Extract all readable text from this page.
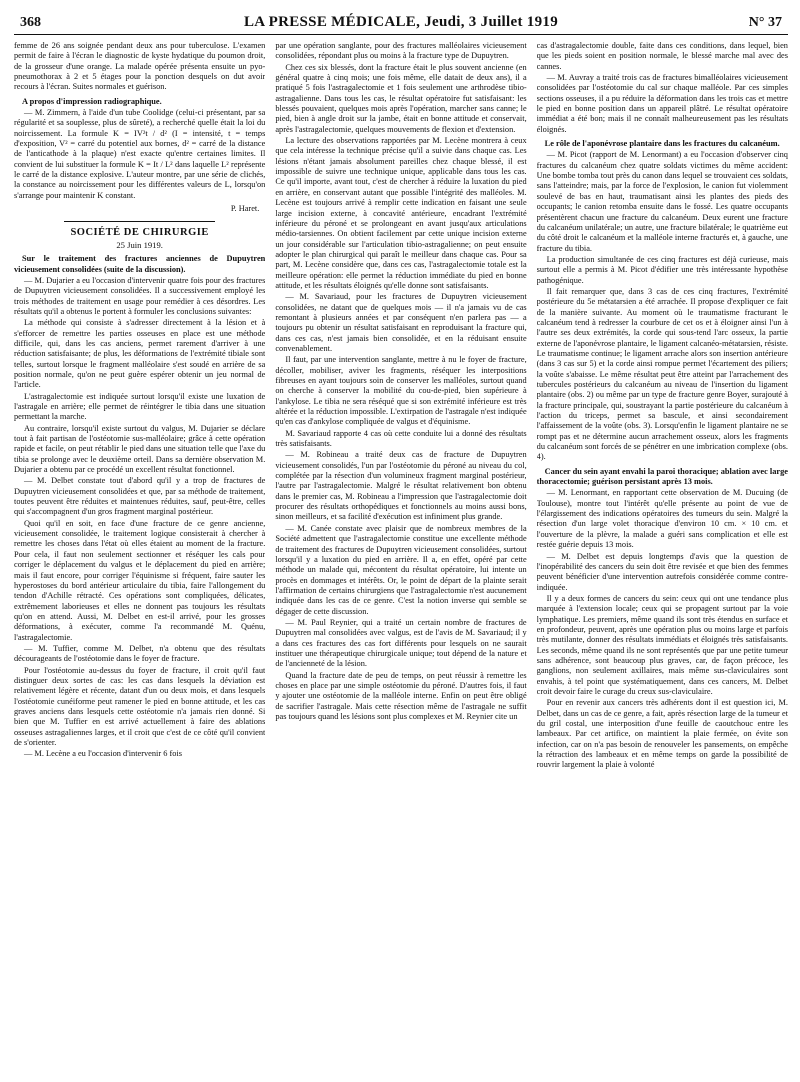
368	LA PRESSE MÉDICALE, Jeudi, 3 Juillet 1919	N° 37

femme de 26 ans soignée pendant deux ans pour tuberculose. L'examen permit de faire à l'écran le diagnostic de kyste hydatique du poumon droit, de la grosseur d'une orange. La malade opérée présenta ensuite un pyo-pneumothorax à 2 et 5 étages pour la ponction desquels on dut avoir recours à l'écran. Suites normales et guérison.

A propos d'impression radiographique.

— M. Zimmern, à l'aide d'un tube Coolidge (celui-ci présentant, par sa régularité et sa souplesse, plus de sûreté), a recherché quelle était la loi du noircissement. La formule K = IV²t / d² (I = intensité, t = temps d'exposition, V² = carré du potentiel aux bornes, d² = carré de la distance de l'anticathode à la plaque) n'est exacte qu'entre certaines limites. Il convient de lui substituer la formule K = It / L² dans laquelle L² représente le carré de la distance explosive. L'auteur montre, par une série de clichés, la constance au noircissement pour les différentes valeurs de L, lorsqu'on s'arrange pour maintenir K constant.

P. Haret.

SOCIÉTÉ DE CHIRURGIE
25 Juin 1919.

Sur le traitement des fractures anciennes de Dupuytren vicieusement consolidées (suite de la discussion).

— M. Dujarier a eu l'occasion d'intervenir quatre fois pour des fractures de Dupuytren vicieusement consolidées. Il a successivement employé les trois méthodes de traitement en usage pour remédier à ces désordres. Les résultats qu'il a obtenus le portent à formuler les conclusions suivantes:

La méthode qui consiste à s'adresser directement à la lésion et à s'efforcer de remettre les parties osseuses en place est une méthode difficile, qui, dans les cas anciens, permet rarement d'arriver à une réduction satisfaisante; de plus, les déformations de l'extrémité tibiale sont telles, surtout lorsque le fragment malléolaire s'est soudé en arrière de sa position normale, qu'on ne peut guère espérer obtenir un jeu normal de l'article.

L'astragalectomie est indiquée surtout lorsqu'il existe une luxation de l'astragale en arrière; elle permet de réintégrer le tibia dans une situation permettant la marche.

Au contraire, lorsqu'il existe surtout du valgus, M. Dujarier se déclare tout à fait partisan de l'ostéotomie sus-malléolaire; grâce à cette opération rapide et facile, on peut rétablir le pied dans une situation telle que l'axe du tibia se prolonge avec le deuxième orteil. Dans sa dernière observation M. Dujarier a obtenu par ce procédé un excellent résultat fonctionnel.

— M. Delbet constate tout d'abord qu'il y a trop de fractures de Dupuytren vicieusement consolidées et que, par sa méthode de traitement, toutes peuvent être réduites et maintenues réduites, sauf, peut-être, celles qui s'accompagnent d'un gros fragment marginal postérieur.

Quoi qu'il en soit, en face d'une fracture de ce genre ancienne, vicieusement consolidée, le traitement logique consisterait à chercher à remettre les choses dans l'état où elles étaient au moment de la fracture. Pour cela, il faut non seulement sectionner et réséquer les cals pour corriger le déplacement du valgus et le déplacement du pied en arrière; mais il faut encore, pour corriger l'équinisme si fréquent, faire sauter les hyperostoses du bord antérieur articulaire du tibia, faire l'allongement du tendon d'Achille rétracté. Ces opérations sont compliquées, délicates, extrêmement laborieuses et elles ne donnent pas toujours les résultats qu'on en attend. Aussi, M. Delbet en est-il arrivé, pour les grosses déformations, à exécuter, comme l'a recommandé M. Quénu, l'astragalectomie.

— M. Tuffier, comme M. Delbet, n'a obtenu que des résultats décourageants de l'ostéotomie dans le foyer de fracture.

Pour l'ostéotomie au-dessus du foyer de fracture, il croit qu'il faut distinguer deux sortes de cas: les cas dans lesquels la déviation est relativement légère et récente, datant d'un ou deux mois, et dans lesquels l'ostéotomie cunéiforme peut ramener le pied en bonne attitude, et les cas graves anciens dans lesquels cette ostéotomie n'a jamais rien donné. Si bien que M. Tuffier en est arrivé actuellement à faire des ablations osseuses astragaliennes larges, et il croit que c'est de ce côté qu'il convient de s'orienter.

— M. Lecène a eu l'occasion d'intervenir 6 fois

par une opération sanglante, pour des fractures malléolaires vicieusement consolidées, répondant plus ou moins à la fracture type de Dupuytren.

Chez ces six blessés, dont la fracture était le plus souvent ancienne (en général quatre à cinq mois; une fois même, elle datait de deux ans), il a pratiqué 5 fois l'astragalectomie et 1 fois seulement une arthrodèse tibio-astragalienne. Dans tous les cas, le résultat opératoire fut satisfaisant: les blessés pouvaient, quelques mois après l'opération, marcher sans canne; le pied, bien à angle droit sur la jambe, était en bonne attitude et conservait, après l'astragalectomie, quelques mouvements de flexion et d'extension.

La lecture des observations rapportées par M. Lecène montrera à ceux que cela intéresse la technique précise qu'il a suivie dans chaque cas. Les lésions n'étant jamais absolument pareilles chez chaque blessé, il est impossible de suivre une technique unique, applicable dans tous les cas. Ce qu'il importe, avant tout, c'est de chercher à réduire la luxation du pied en arrière, en conservant autant que possible l'intégrité des malléoles. M. Lecène est toujours arrivé à remplir cette indication en faisant une seule large incision externe, à concavité antérieure, encadrant l'extrémité inférieure du péroné et se prolongeant en avant jusqu'aux articulations médio-tarsiennes. On obtient facilement par cette unique incision externe un jour considérable sur l'articulation tibio-astragalienne; on peut ensuite adopter le plan chirurgical qui paraît le meilleur dans chaque cas. Pour sa part, M. Lecène considère que, dans ces cas, l'astragalectomie totale est la meilleure opération: elle permet la réduction immédiate du pied en bonne attitude, et les résultats éloignés qu'elle donne sont satisfaisants.

— M. Savariaud, pour les fractures de Dupuytren vicieusement consolidées, ne datant que de quelques mois — il n'a jamais vu de cas remontant à plusieurs années et par conséquent n'en parlera pas — a toujours pu obtenir un résultat satisfaisant en reproduisant la fracture qui, dans ces cas, n'est jamais bien consolidée, et en la réduisant ensuite convenablement.

Il faut, par une intervention sanglante, mettre à nu le foyer de fracture, décoller, mobiliser, aviver les fragments, réséquer les interpositions fibreuses en ayant toujours soin de conserver les malléoles, surtout quand on cherche à conserver la mobilité du cou-de-pied, bien supérieure à l'ankylose. Le tibia ne sera réséqué que si son extrémité inférieure est très altérée et la réduction impossible. L'extirpation de l'astragale n'est indiquée qu'en cas d'ankylose compliquée de valgus et d'équinisme.

M. Savariaud rapporte 4 cas où cette conduite lui a donné des résultats très satisfaisants.

— M. Robineau a traité deux cas de fracture de Dupuytren vicieusement consolidés, l'un par l'ostéotomie du péroné au niveau du col, complétée par la résection d'un volumineux fragment marginal postérieur, l'autre par l'astragalectomie. Malgré le résultat relativement bon obtenu dans le premier cas, M. Robineau a l'impression que l'astragalectomie doit procurer des résultats orthopédiques et fonctionnels au moins aussi bons, sinon meilleurs, et sa facilité d'exécution est infiniment plus grande.

— M. Canée constate avec plaisir que de nombreux membres de la Société admettent que l'astragalectomie constitue une excellente méthode de traitement des fractures de Dupuytren vicieusement consolidées, surtout lorsqu'il y a luxation du pied en arrière. Il a, en effet, opéré par cette méthode un malade qui, mécontent du résultat opératoire, lui intente un procès en dommages et intérêts. Or, le point de départ de la plainte serait l'affirmation de certains chirurgiens que l'astragalectomie n'est aucunement indiquée dans les cas de ce genre. C'est la notion inverse qui semble se dégager de cette discussion.

— M. Paul Reynier, qui a traité un certain nombre de fractures de Dupuytren mal consolidées avec valgus, est de l'avis de M. Savariaud; il y a dans ces fractures des cas fort différents pour lesquels on ne saurait instituer une thérapeutique chirurgicale unique; tout dépend de la nature et de l'ancienneté de la lésion.

Quand la fracture date de peu de temps, on peut réussir à remettre les choses en place par une simple ostéotomie du péroné. D'autres fois, il faut y ajouter une ostéotomie de la malléole interne. Enfin on peut être obligé de sacrifier l'astragale. Mais cette résection même de l'astragale ne suffit pas toujours quand les lésions sont plus complexes et M. Reynier cite un

cas d'astragalectomie double, faite dans ces conditions, dans lequel, bien que les pieds soient en position normale, le blessé marche mal avec des cannes.

— M. Auvray a traité trois cas de fractures bimalléolaires vicieusement consolidées par l'ostéotomie du cal sur chaque malléole. Par ces simples sections osseuses, il a pu réduire la déformation dans les trois cas et mettre le pied en bonne position dans un appareil plâtré. Le résultat opératoire immédiat a été bon; mais il ne connaît malheureusement pas les résultats éloignés.

Le rôle de l'aponévrose plantaire dans les fractures du calcanéum.

— M. Picot (rapport de M. Lenormant) a eu l'occasion d'observer cinq fractures du calcanéum chez quatre soldats victimes du même accident: Une bombe tomba tout près du canon dans lequel se trouvaient ces soldats, sans l'atteindre; mais, par la force de l'explosion, le canion fut violemment soulevé de bas en haut, traumatisant ainsi les plantes des pieds des occupants; le canion retomba ensuite dans le fossé. Les quatre occupants présentèrent chacun une fracture du calcanéum. Deux eurent une fracture du calcanéum unilatérale; un autre, une fracture bilatérale; le quatrième eut du côté droit le calcanéum et la malléole interne fracturés et, à gauche, une fracture du tibia.

La production simultanée de ces cinq fractures est déjà curieuse, mais surtout elle a permis à M. Picot d'édifier une très intéressante hypothèse pathogénique.

Il fait remarquer que, dans 3 cas de ces cinq fractures, l'extrémité postérieure du 5e métatarsien a été arrachée. Il propose d'expliquer ce fait de la manière suivante. Au moment où le traumatisme fracturant le calcanéum tend à redresser la courbure de cet os et à éloigner ainsi l'un à l'autre ses deux extrémités, la corde qui sous-tend l'arc osseux, la partie externe de l'aponévrose plantaire, le ligament calcanéo-métatarsien, résiste. Le traumatisme continue; le ligament arrache alors son insertion antérieure (dans 3 cas sur 5) et la corde ainsi rompue permet l'écartement des piliers; la voûte s'abaisse. Le même résultat peut être atteint par l'arrachement des tubercules postérieurs du calcanéum au niveau de l'insertion du ligament plantaire (obs. 2) ou même par un type de fracture genre Boyer, surajouté à la fracture principale, qui, soustrayant la partie postérieure du calcanéum à l'action du triceps, permet sa bascule, et ainsi secondairement l'affaissement de la voûte (obs. 3). Lorsqu'enfin le ligament plantaire ne se rompt pas et ne détermine aucun arrachement osseux, alors les fragments du calcanéum sont forcés de se pénétrer en une imbrication complexe (obs. 4).

Cancer du sein ayant envahi la paroi thoracique; ablation avec large thoracectomie; guérison persistant après 13 mois.

— M. Lenormant, en rapportant cette observation de M. Ducuing (de Toulouse), montre tout l'intérêt qu'elle présente au point de vue de l'élargissement des indications opératoires des tumeurs du sein. Malgré la résection d'un large volet thoracique d'environ 10 cm. × 10 cm. et l'ouverture de la plèvre, la malade a guéri sans complication et elle est restée guérie depuis 13 mois.

— M. Delbet est depuis longtemps d'avis que la question de l'inopérabilité des cancers du sein doit être revisée et que bien des femmes peuvent bénéficier d'une intervention autrefois considérée comme contre-indiquée.

Il y a deux formes de cancers du sein: ceux qui ont une tendance plus marquée à l'extension locale; ceux qui se propagent surtout par la voie lymphatique. Les premiers, même quand ils sont très étendus en surface et en profondeur, peuvent, après une opération plus ou moins large et parfois très mutilante, donner des résultats immédiats et éloignés très satisfaisants. Les seconds, même quand ils ne sont représentés que par une petite tumeur sans adhérence, sont beaucoup plus graves, car, de façon précoce, les ganglions, non seulement axillaires, mais même sus-claviculaires sont envahis, à tel point que systématiquement, dans ces cancers, M. Delbet croit devoir faire le curage du creux sus-claviculaire.

Pour en revenir aux cancers très adhérents dont il est question ici, M. Delbet, dans un cas de ce genre, a fait, après résection large de la tumeur et du gril costal, une interposition d'une feuille de caoutchouc entre les lambeaux. Par cet artifice, on maintient la plaie fermée, on évite son infection, car on n'a pas besoin de renouveler les pansements, on empêche la rétraction des lambeaux et en même temps on garde la possibilité de rouvrir largement la plaie à volonté
